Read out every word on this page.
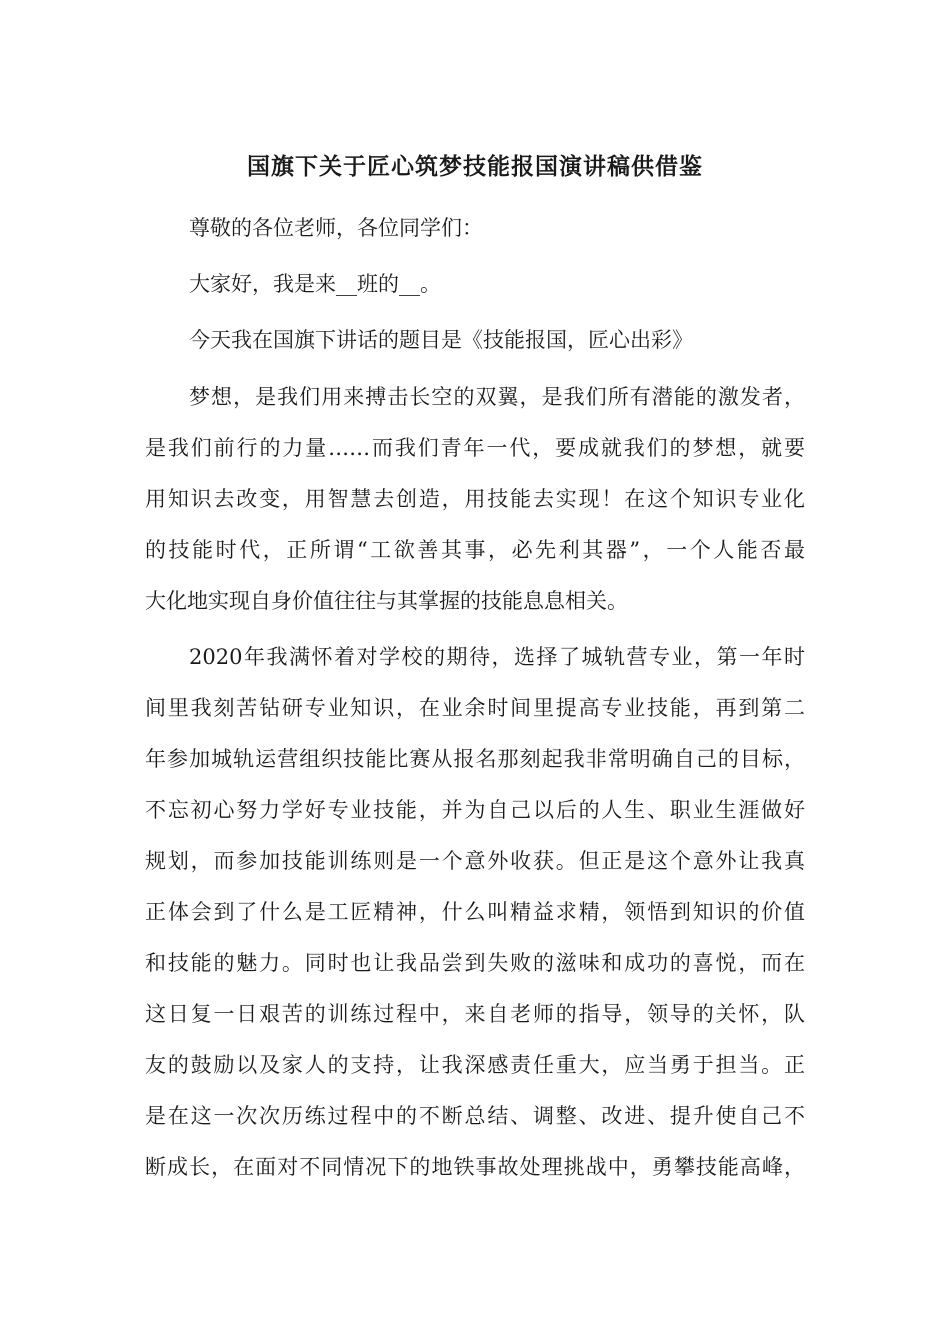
国旗下关于匠心筑梦技能报国演讲稿供借鉴

尊敬的各位老师，各位同学们：

大家好，我是来__班的__。

今天我在国旗下讲话的题目是《技能报国，匠心出彩》

梦想，是我们用来搏击长空的双翼，是我们所有潜能的激发者，

是我们前行的力量……而我们青年一代，要成就我们的梦想，就要

用知识去改变，用智慧去创造，用技能去实现！在这个知识专业化

的技能时代，正所谓“工欲善其事，必先利其器”，一个人能否最

大化地实现自身价值往往与其掌握的技能息息相关。

2020年我满怀着对学校的期待，选择了城轨营专业，第一年时

间里我刻苦钻研专业知识，在业余时间里提高专业技能，再到第二

年参加城轨运营组织技能比赛从报名那刻起我非常明确自己的目标，

不忘初心努力学好专业技能，并为自己以后的人生、职业生涯做好

规划，而参加技能训练则是一个意外收获。但正是这个意外让我真

正体会到了什么是工匠精神，什么叫精益求精，领悟到知识的价值

和技能的魅力。同时也让我品尝到失败的滋味和成功的喜悦，而在

这日复一日艰苦的训练过程中，来自老师的指导，领导的关怀，队

友的鼓励以及家人的支持，让我深感责任重大，应当勇于担当。正

是在这一次次历练过程中的不断总结、调整、改进、提升使自己不

断成长，在面对不同情况下的地铁事故处理挑战中，勇攀技能高峰，
